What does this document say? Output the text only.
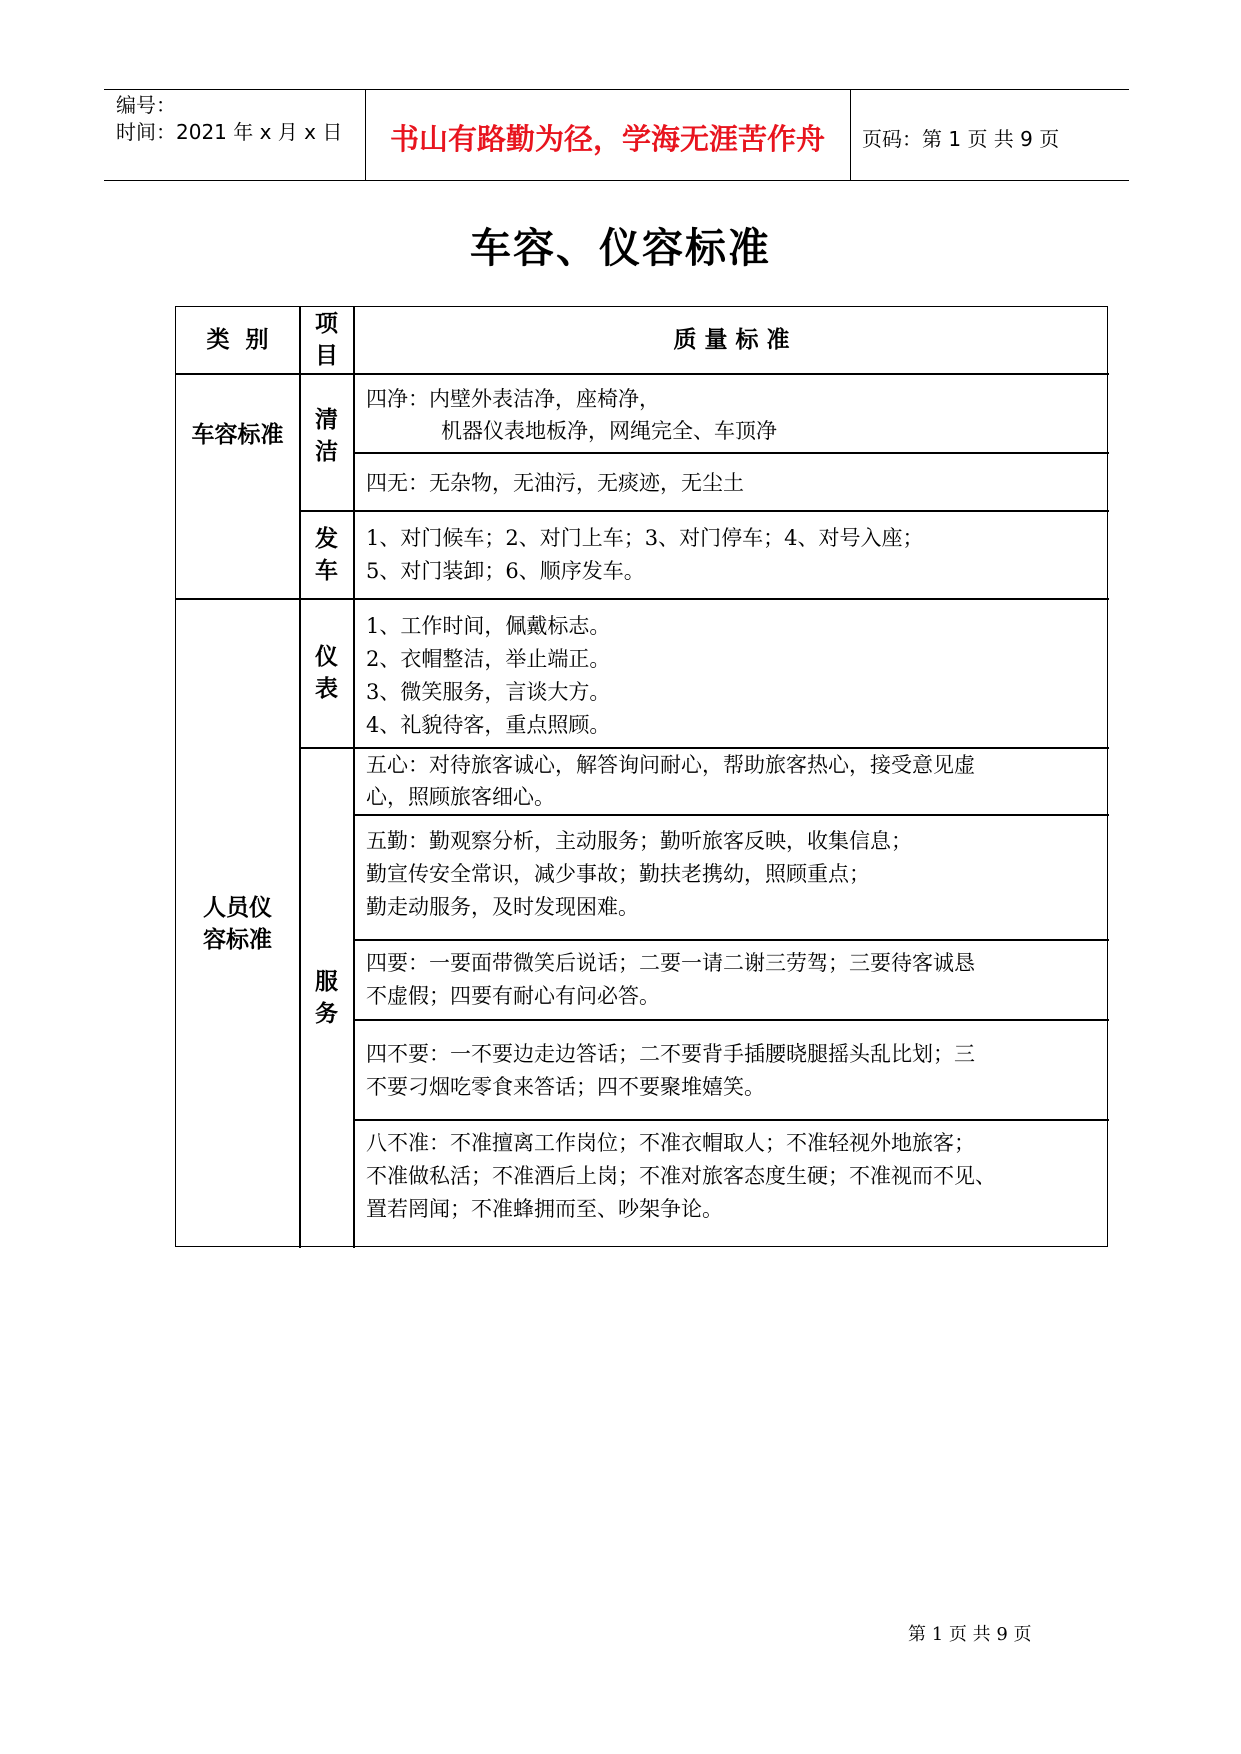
编号：
时间：2021 年 x 月 x 日 书山有路勤为径，学海无涯苦作舟 页码：第 1 页 共 9 页
车容、仪容标准
类  别
项目
质 量 标 准
车容标准
人员仪容标准
清洁
发车
仪表
服务
四净：内壁外表洁净，座椅净，
机器仪表地板净，网绳完全、车顶净
四无：无杂物，无油污，无痰迹，无尘土
1、对门候车；2、对门上车；3、对门停车；4、对号入座；
5、对门装卸；6、顺序发车。
1、工作时间，佩戴标志。
2、衣帽整洁，举止端正。
3、微笑服务，言谈大方。
4、礼貌待客，重点照顾。
五心：对待旅客诚心，解答询问耐心，帮助旅客热心，接受意见虚
心，照顾旅客细心。
五勤：勤观察分析，主动服务；勤听旅客反映，收集信息；
勤宣传安全常识，减少事故；勤扶老携幼，照顾重点；
勤走动服务，及时发现困难。
四要：一要面带微笑后说话；二要一请二谢三劳驾；三要待客诚恳
不虚假；四要有耐心有问必答。
四不要：一不要边走边答话；二不要背手插腰晓腿摇头乱比划；三
不要刁烟吃零食来答话；四不要聚堆嬉笑。
八不准：不准擅离工作岗位；不准衣帽取人；不准轻视外地旅客；
不准做私活；不准酒后上岗；不准对旅客态度生硬；不准视而不见、
置若罔闻；不准蜂拥而至、吵架争论。
第 1 页 共 9 页
